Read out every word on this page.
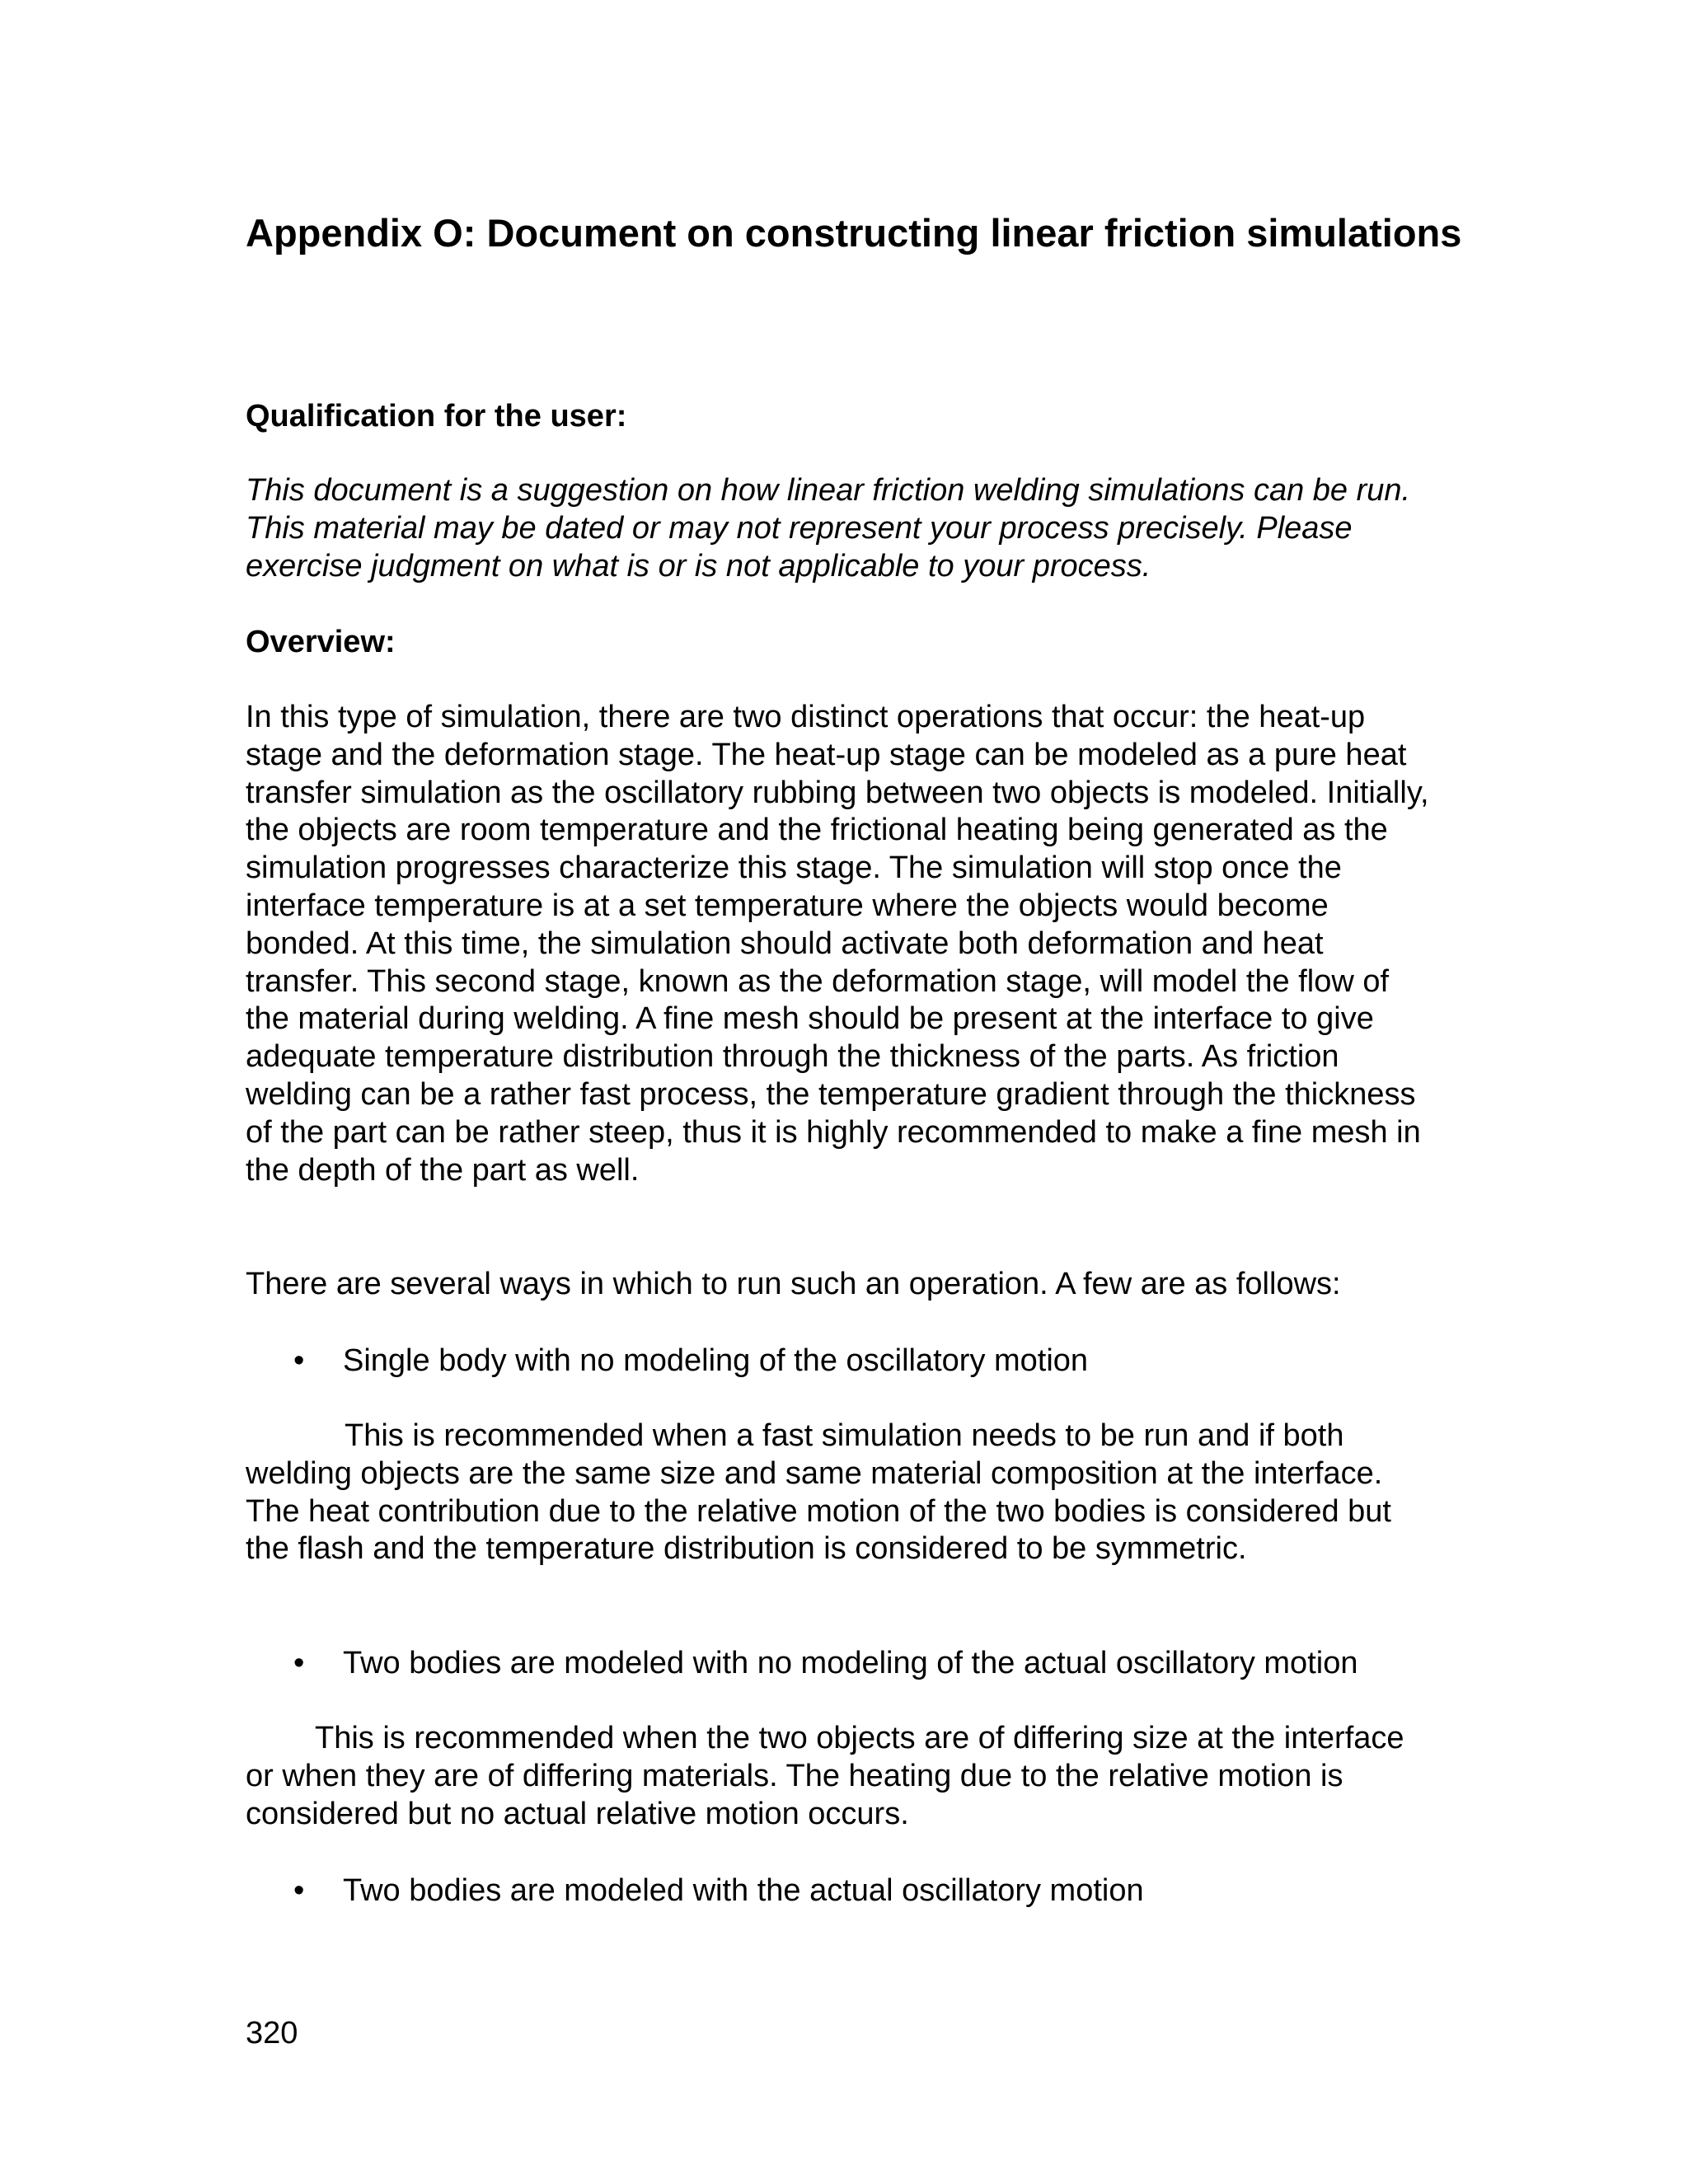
Appendix O: Document on constructing linear friction simulations
Qualification for the user:

This document is a suggestion on how linear friction welding simulations can be run. This material may be dated or may not represent your process precisely. Please exercise judgment on what is or is not applicable to your process.

Overview:

In this type of simulation, there are two distinct operations that occur: the heat-up stage and the deformation stage. The heat-up stage can be modeled as a pure heat transfer simulation as the oscillatory rubbing between two objects is modeled. Initially, the objects are room temperature and the frictional heating being generated as the simulation progresses characterize this stage. The simulation will stop once the interface temperature is at a set temperature where the objects would become bonded. At this time, the simulation should activate both deformation and heat transfer. This second stage, known as the deformation stage, will model the flow of the material during welding. A fine mesh should be present at the interface to give adequate temperature distribution through the thickness of the parts. As friction welding can be a rather fast process, the temperature gradient through the thickness of the part can be rather steep, thus it is highly recommended to make a fine mesh in the depth of the part as well.

There are several ways in which to run such an operation. A few are as follows:

•	Single body with no modeling of the oscillatory motion

This is recommended when a fast simulation needs to be run and if both welding objects are the same size and same material composition at the interface. The heat contribution due to the relative motion of the two bodies is considered but the flash and the temperature distribution is considered to be symmetric.

•	Two bodies are modeled with no modeling of the actual oscillatory motion

This is recommended when the two objects are of differing size at the interface or when they are of differing materials. The heating due to the relative motion is considered but no actual relative motion occurs.

•	Two bodies are modeled with the actual oscillatory motion

320
